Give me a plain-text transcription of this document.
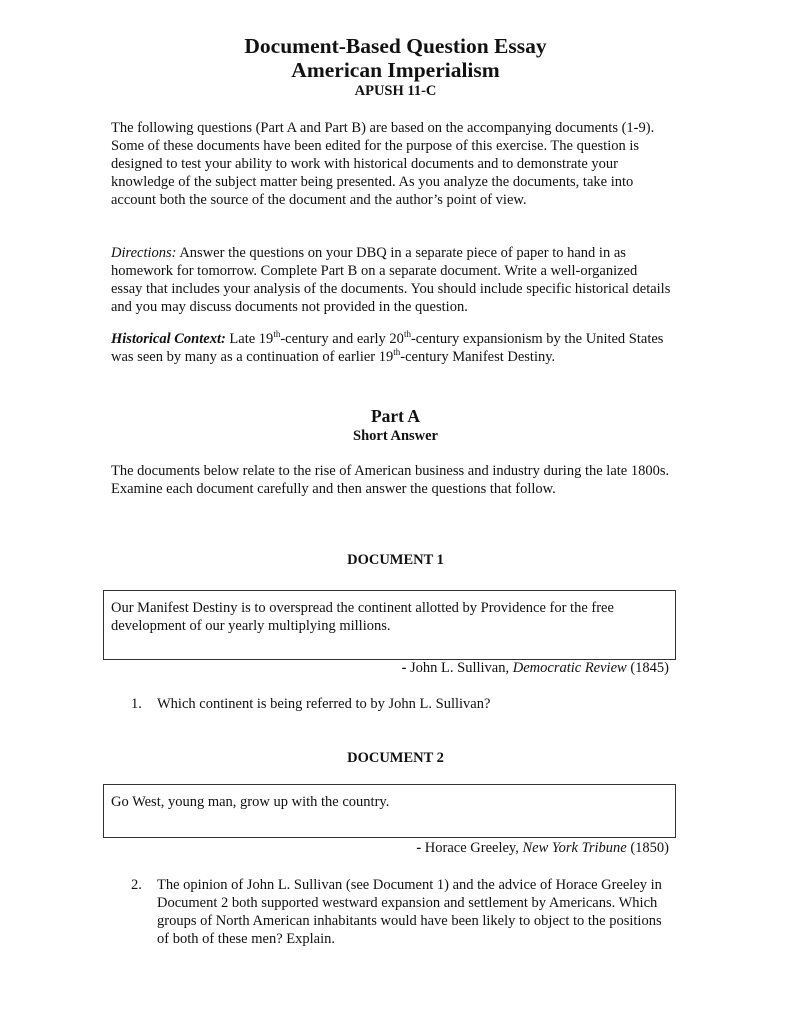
Document-Based Question Essay
American Imperialism
APUSH 11-C
The following questions (Part A and Part B) are based on the accompanying documents (1-9). Some of these documents have been edited for the purpose of this exercise. The question is designed to test your ability to work with historical documents and to demonstrate your knowledge of the subject matter being presented. As you analyze the documents, take into account both the source of the document and the author’s point of view.
Directions: Answer the questions on your DBQ in a separate piece of paper to hand in as homework for tomorrow. Complete Part B on a separate document. Write a well-organized essay that includes your analysis of the documents. You should include specific historical details and you may discuss documents not provided in the question.
Historical Context: Late 19th-century and early 20th-century expansionism by the United States was seen by many as a continuation of earlier 19th-century Manifest Destiny.
Part A
Short Answer
The documents below relate to the rise of American business and industry during the late 1800s. Examine each document carefully and then answer the questions that follow.
DOCUMENT 1
Our Manifest Destiny is to overspread the continent allotted by Providence for the free development of our yearly multiplying millions.
- John L. Sullivan, Democratic Review (1845)
1. Which continent is being referred to by John L. Sullivan?
DOCUMENT 2
Go West, young man, grow up with the country.
- Horace Greeley, New York Tribune (1850)
2. The opinion of John L. Sullivan (see Document 1) and the advice of Horace Greeley in Document 2 both supported westward expansion and settlement by Americans. Which groups of North American inhabitants would have been likely to object to the positions of both of these men? Explain.
